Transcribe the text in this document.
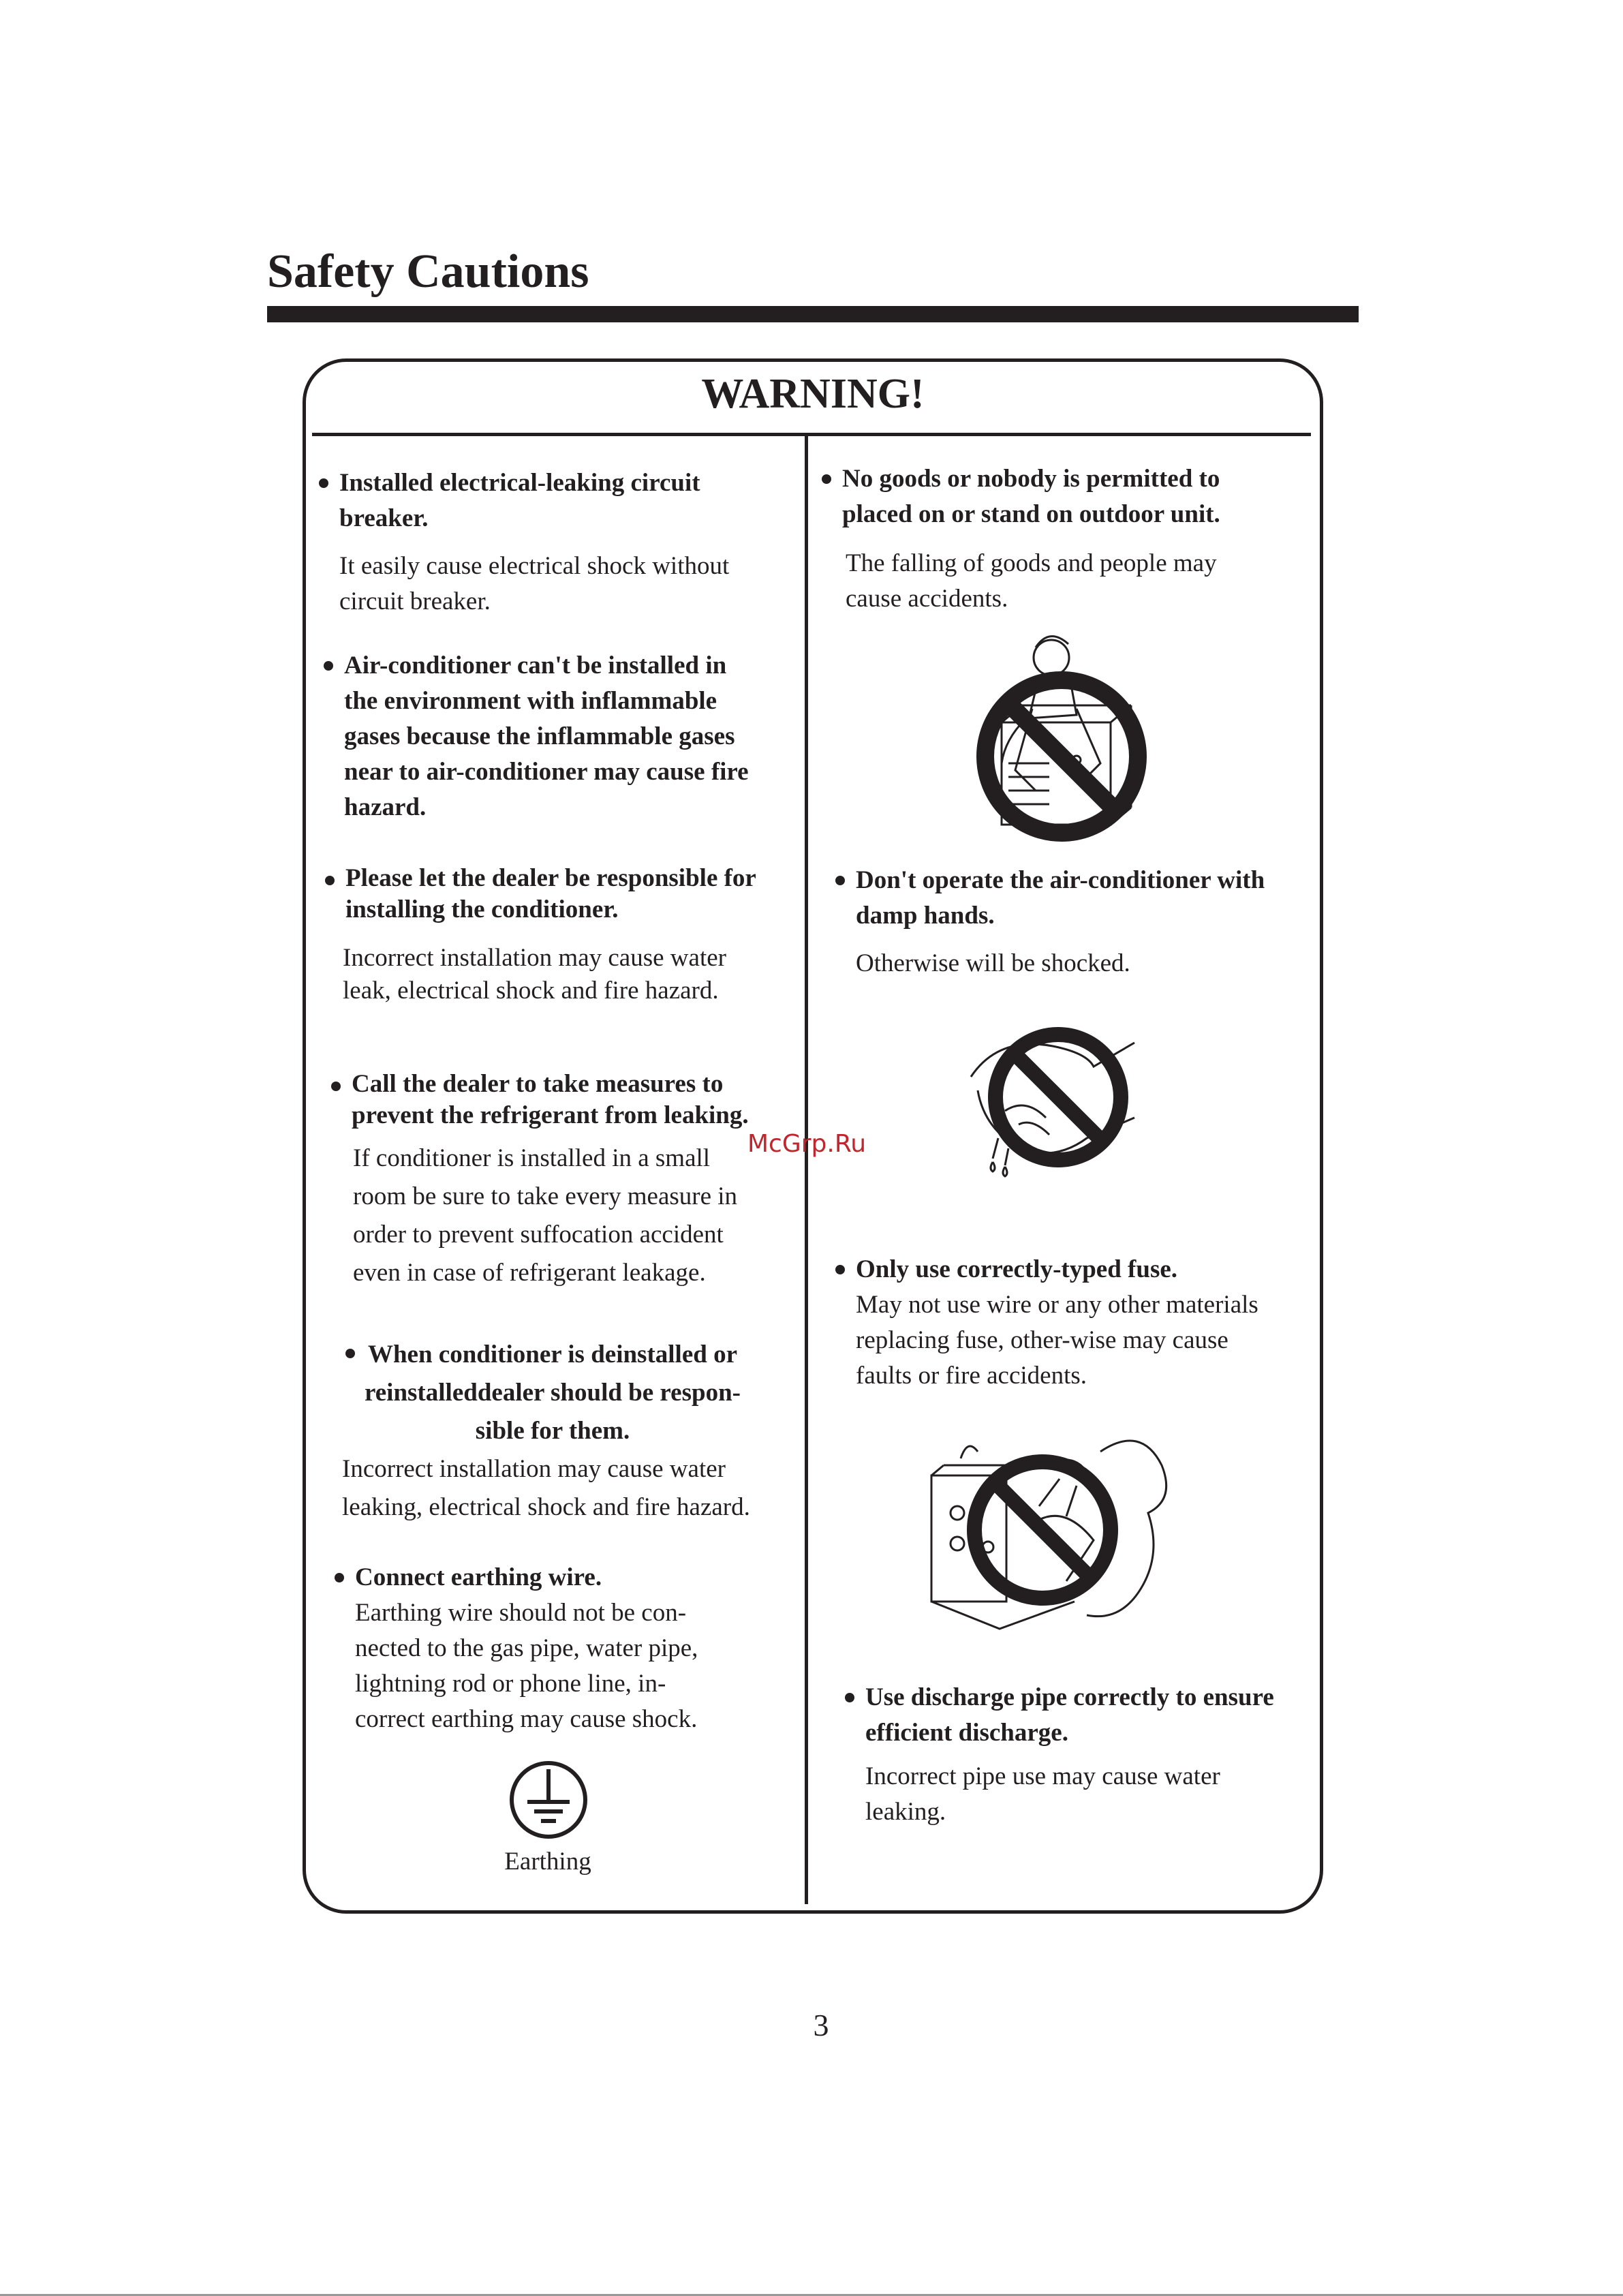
Safety Cautions
WARNING!

Installed electrical-leaking circuit
breaker.

It easily cause electrical shock without
circuit breaker.

Air-conditioner can't be installed in
the environment with inflammable
gases because the inflammable gases
near to air-conditioner may cause fire
hazard.

Please let the dealer be responsible for
installing the conditioner.

Incorrect installation may cause water
leak, electrical shock and fire hazard.

Call the dealer to take measures to
prevent the refrigerant from leaking.

If conditioner is installed in a small
room be sure to take every measure in
order to prevent suffocation accident
even in case of refrigerant leakage.

When conditioner is deinstalled or
reinstalleddealer should be respon-
sible for them.

Incorrect installation may cause water
leaking, electrical shock and fire hazard.

Connect earthing wire.

Earthing wire should not be con-
nected to the gas pipe, water pipe,
lightning rod or phone line, in-
correct earthing may cause shock.

Earthing

No goods or nobody is permitted to
placed on or stand on outdoor unit.

The falling of goods and people may
cause accidents.

Don't operate the air-conditioner with
damp hands.

Otherwise will be shocked.

Only use correctly-typed fuse.

May not use wire or any other materials
replacing fuse, other-wise may cause
faults or fire accidents.

Use discharge pipe correctly to ensure
efficient discharge.

Incorrect pipe use may cause water
leaking.

McGrp.Ru
3
